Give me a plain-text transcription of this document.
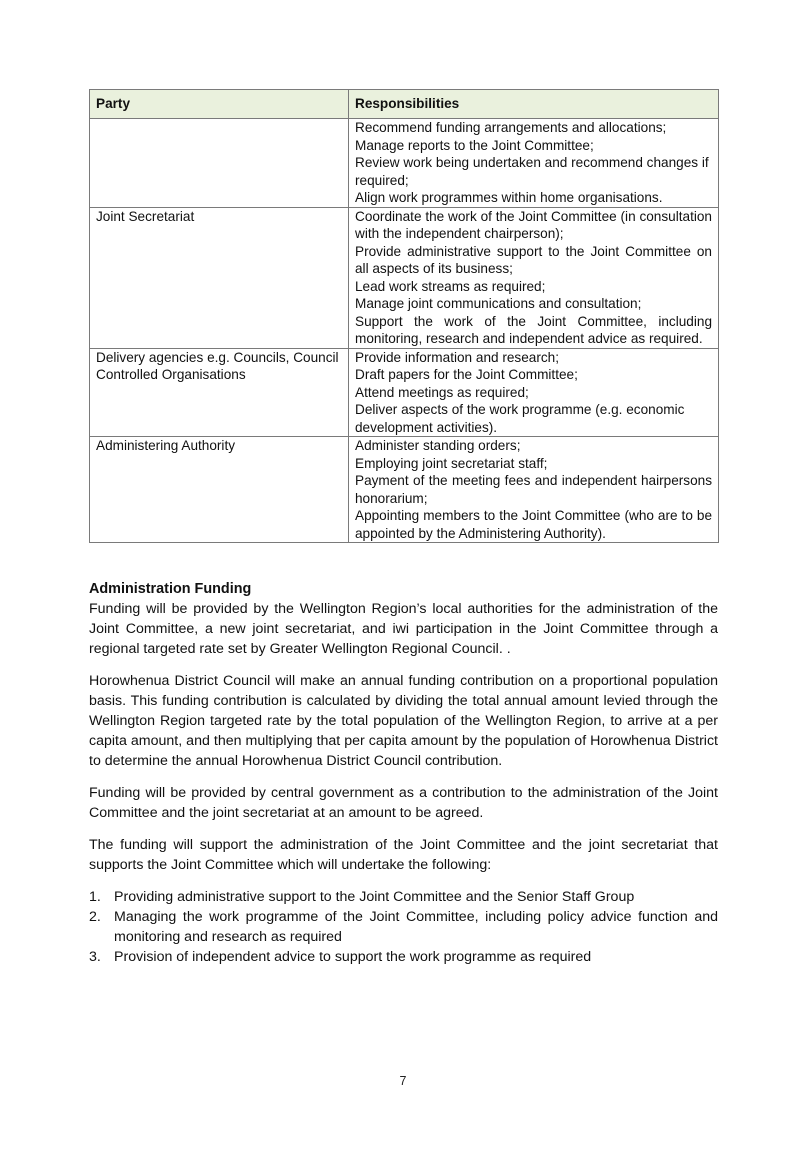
Party	Responsibilities

	Recommend funding arrangements and allocations;
Manage reports to the Joint Committee;
Review work being undertaken and recommend changes if required;
Align work programmes within home organisations.

Joint Secretariat	Coordinate the work of the Joint Committee (in consultation with the independent chairperson);
Provide administrative support to the Joint Committee on all aspects of its business;
Lead work streams as required;
Manage joint communications and consultation;
Support the work of the Joint Committee, including monitoring, research and independent advice as required.

Delivery agencies e.g. Councils, Council Controlled Organisations	Provide information and research;
Draft papers for the Joint Committee;
Attend meetings as required;
Deliver aspects of the work programme (e.g. economic development activities).

Administering Authority	Administer standing orders;
Employing joint secretariat staff;
Payment of the meeting fees and independent hairpersons honorarium;
Appointing members to the Joint Committee (who are to be appointed by the Administering Authority).
Administration Funding

Funding will be provided by the Wellington Region’s local authorities for the administration of the Joint Committee, a new joint secretariat, and iwi participation in the Joint Committee through a regional targeted rate set by Greater Wellington Regional Council. .

Horowhenua District Council will make an annual funding contribution on a proportional population basis. This funding contribution is calculated by dividing the total annual amount levied through the Wellington Region targeted rate by the total population of the Wellington Region, to arrive at a per capita amount, and then multiplying that per capita amount by the population of Horowhenua District to determine the annual Horowhenua District Council contribution.

Funding will be provided by central government as a contribution to the administration of the Joint Committee and the joint secretariat at an amount to be agreed.

The funding will support the administration of the Joint Committee and the joint secretariat that supports the Joint Committee which will undertake the following:

1. Providing administrative support to the Joint Committee and the Senior Staff Group
2. Managing the work programme of the Joint Committee, including policy advice function and monitoring and research as required
3. Provision of independent advice to support the work programme as required
7
